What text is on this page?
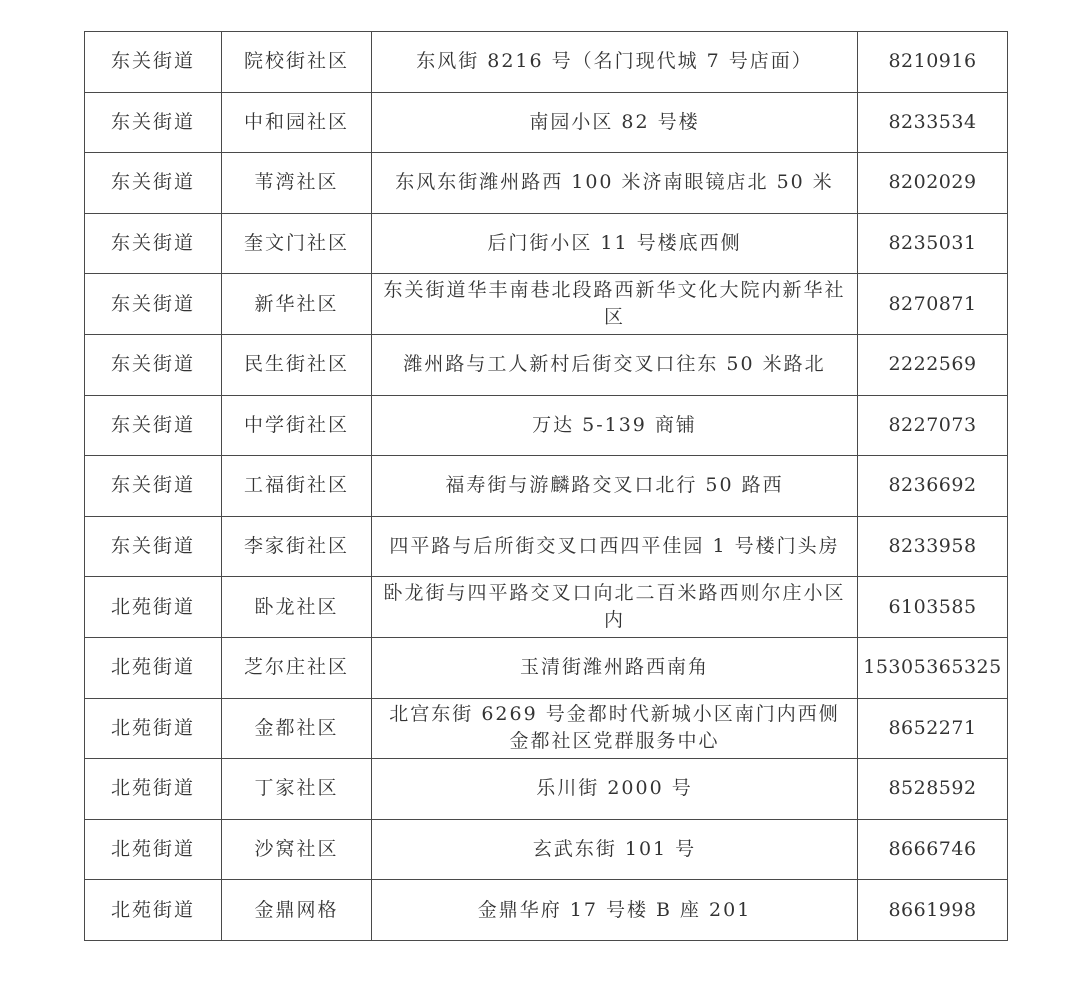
东关街道	院校街社区	东风街 8216 号（名门现代城 7 号店面）	8210916
东关街道	中和园社区	南园小区 82 号楼	8233534
东关街道	苇湾社区	东风东街潍州路西 100 米济南眼镜店北 50 米	8202029
东关街道	奎文门社区	后门街小区 11 号楼底西侧	8235031
东关街道	新华社区	东关街道华丰南巷北段路西新华文化大院内新华社区	8270871
东关街道	民生街社区	潍州路与工人新村后街交叉口往东 50 米路北	2222569
东关街道	中学街社区	万达 5-139 商铺	8227073
东关街道	工福街社区	福寿街与游麟路交叉口北行 50 路西	8236692
东关街道	李家街社区	四平路与后所街交叉口西四平佳园 1 号楼门头房	8233958
北苑街道	卧龙社区	卧龙街与四平路交叉口向北二百米路西则尔庄小区内	6103585
北苑街道	芝尔庄社区	玉清街潍州路西南角	15305365325
北苑街道	金都社区	北宫东街 6269 号金都时代新城小区南门内西侧金都社区党群服务中心	8652271
北苑街道	丁家社区	乐川街 2000 号	8528592
北苑街道	沙窝社区	玄武东街 101 号	8666746
北苑街道	金鼎网格	金鼎华府 17 号楼 B 座 201	8661998
